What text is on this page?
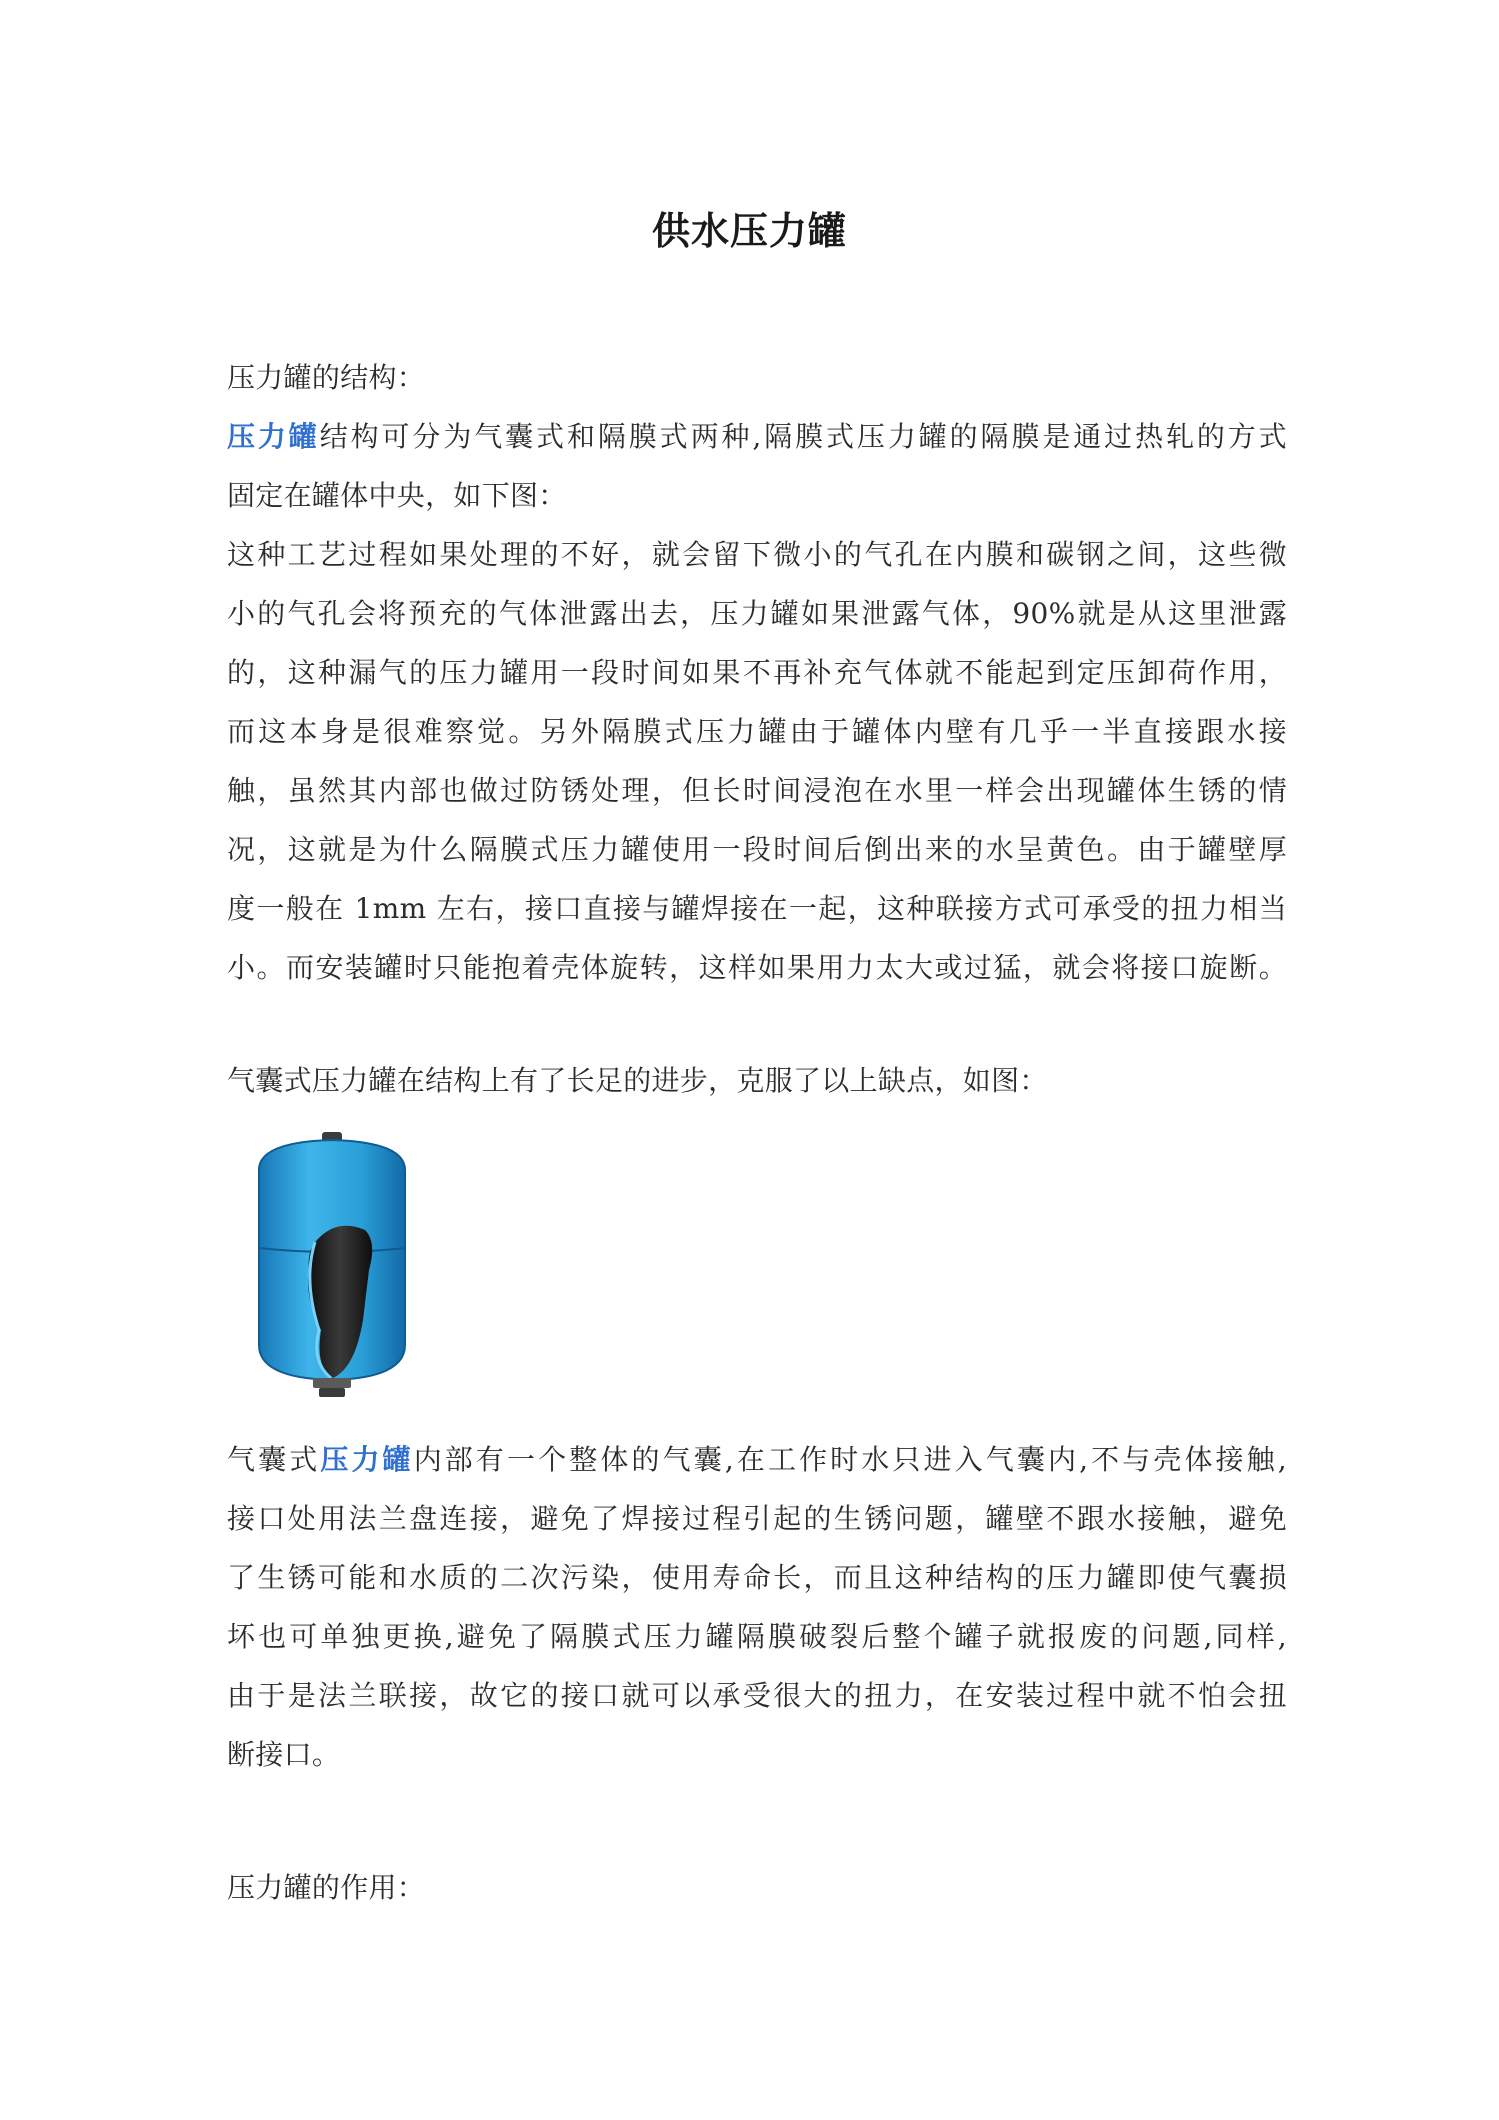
供水压力罐
压力罐的结构：
压力罐结构可分为气囊式和隔膜式两种,隔膜式压力罐的隔膜是通过热轧的方式
固定在罐体中央，如下图：
这种工艺过程如果处理的不好，就会留下微小的气孔在内膜和碳钢之间，这些微
小的气孔会将预充的气体泄露出去，压力罐如果泄露气体，90%就是从这里泄露
的，这种漏气的压力罐用一段时间如果不再补充气体就不能起到定压卸荷作用，
而这本身是很难察觉。另外隔膜式压力罐由于罐体内壁有几乎一半直接跟水接
触，虽然其内部也做过防锈处理，但长时间浸泡在水里一样会出现罐体生锈的情
况，这就是为什么隔膜式压力罐使用一段时间后倒出来的水呈黄色。由于罐壁厚
度一般在 1mm 左右，接口直接与罐焊接在一起，这种联接方式可承受的扭力相当
小。而安装罐时只能抱着壳体旋转，这样如果用力太大或过猛，就会将接口旋断。
气囊式压力罐在结构上有了长足的进步，克服了以上缺点，如图：
气囊式压力罐内部有一个整体的气囊,在工作时水只进入气囊内,不与壳体接触,
接口处用法兰盘连接，避免了焊接过程引起的生锈问题，罐壁不跟水接触，避免
了生锈可能和水质的二次污染，使用寿命长，而且这种结构的压力罐即使气囊损
坏也可单独更换,避免了隔膜式压力罐隔膜破裂后整个罐子就报废的问题,同样,
由于是法兰联接，故它的接口就可以承受很大的扭力，在安装过程中就不怕会扭
断接口。
压力罐的作用：
